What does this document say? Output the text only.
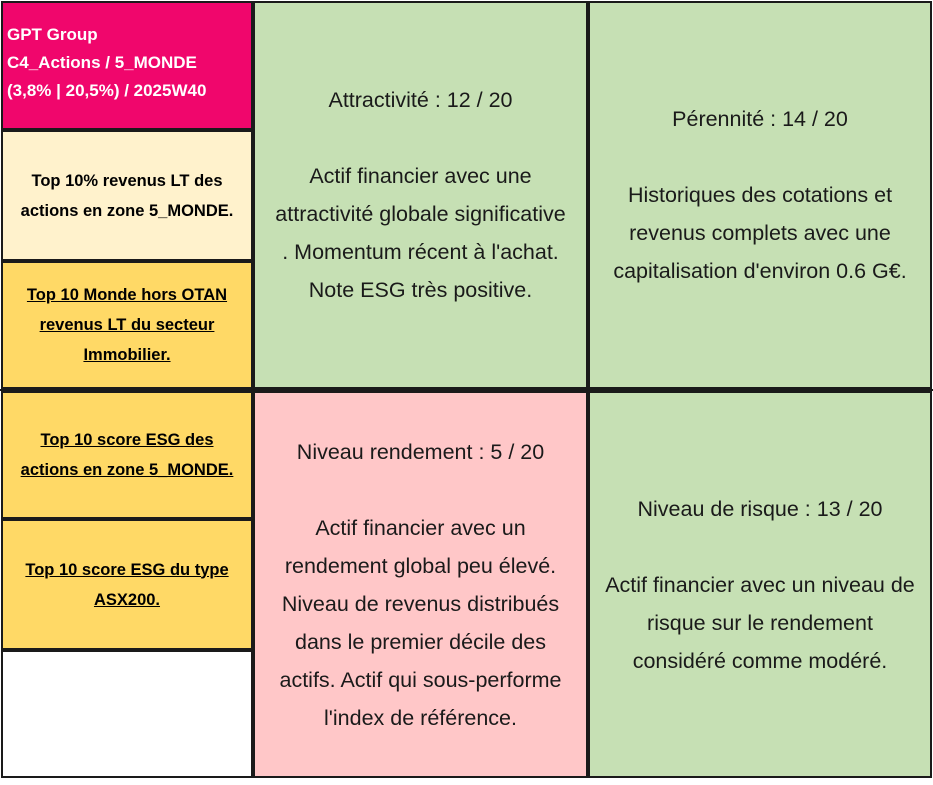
GPT Group
C4_Actions / 5_MONDE
(3,8% | 20,5%) / 2025W40
Top 10% revenus LT des actions en zone 5_MONDE.
Top 10 Monde hors OTAN revenus LT du secteur Immobilier.
Top 10 score ESG des actions en zone 5_MONDE.
Top 10 score ESG du type ASX200.
Attractivité : 12 / 20
Actif financier avec une
attractivité globale significative
. Momentum récent à l'achat.
Note ESG très positive.
Pérennité : 14 / 20
Historiques des cotations et
revenus complets avec une
capitalisation d'environ 0.6 G€.
Niveau rendement : 5 / 20
Actif financier avec un
rendement global peu élevé.
Niveau de revenus distribués
dans le premier décile des
actifs. Actif qui sous-performe
l'index de référence.
Niveau de risque : 13 / 20
Actif financier avec un niveau de
risque sur le rendement
considéré comme modéré.
